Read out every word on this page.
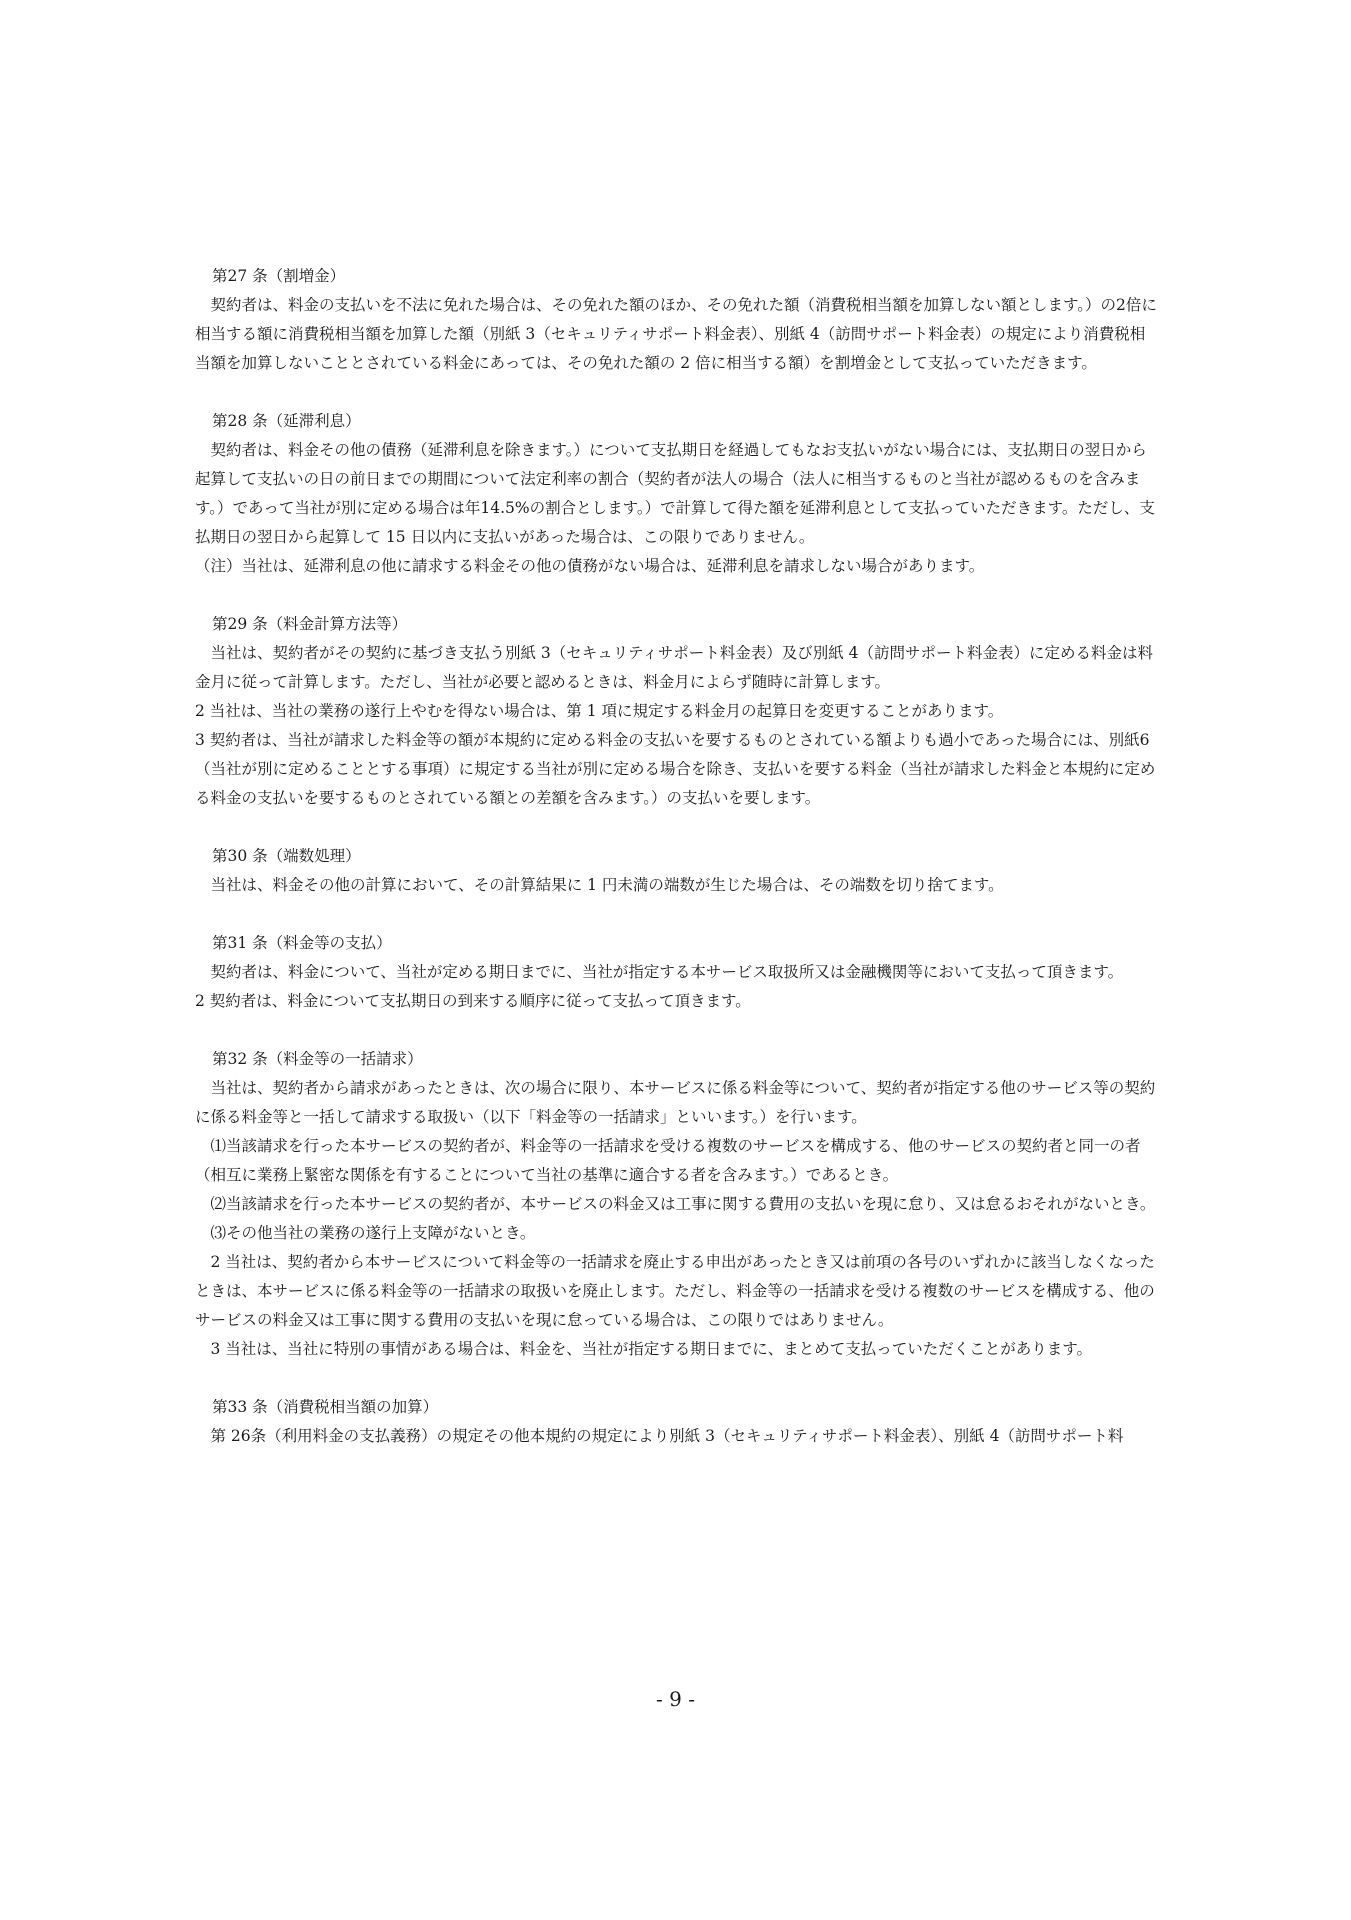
第27 条（割増金）
　契約者は、料金の支払いを不法に免れた場合は、その免れた額のほか、その免れた額（消費税相当額を加算しない額とします。）の2倍に相当する額に消費税相当額を加算した額（別紙 3（セキュリティサポート料金表）、別紙 4（訪問サポート料金表）の規定により消費税相当額を加算しないこととされている料金にあっては、その免れた額の 2 倍に相当する額）を割増金として支払っていただきます。
第28 条（延滞利息）
　契約者は、料金その他の債務（延滞利息を除きます。）について支払期日を経過してもなお支払いがない場合には、支払期日の翌日から起算して支払いの日の前日までの期間について法定利率の割合（契約者が法人の場合（法人に相当するものと当社が認めるものを含みます。）であって当社が別に定める場合は年14.5%の割合とします。）で計算して得た額を延滞利息として支払っていただきます。ただし、支払期日の翌日から起算して 15 日以内に支払いがあった場合は、この限りでありません。
（注）当社は、延滞利息の他に請求する料金その他の債務がない場合は、延滞利息を請求しない場合があります。
第29 条（料金計算方法等）
　当社は、契約者がその契約に基づき支払う別紙 3（セキュリティサポート料金表）及び別紙 4（訪問サポート料金表）に定める料金は料金月に従って計算します。ただし、当社が必要と認めるときは、料金月によらず随時に計算します。
2 当社は、当社の業務の遂行上やむを得ない場合は、第 1 項に規定する料金月の起算日を変更することがあります。
3 契約者は、当社が請求した料金等の額が本規約に定める料金の支払いを要するものとされている額よりも過小であった場合には、別紙6（当社が別に定めることとする事項）に規定する当社が別に定める場合を除き、支払いを要する料金（当社が請求した料金と本規約に定める料金の支払いを要するものとされている額との差額を含みます。）の支払いを要します。
第30 条（端数処理）
　当社は、料金その他の計算において、その計算結果に 1 円未満の端数が生じた場合は、その端数を切り捨てます。
第31 条（料金等の支払）
　契約者は、料金について、当社が定める期日までに、当社が指定する本サービス取扱所又は金融機関等において支払って頂きます。
2 契約者は、料金について支払期日の到来する順序に従って支払って頂きます。
第32 条（料金等の一括請求）
　当社は、契約者から請求があったときは、次の場合に限り、本サービスに係る料金等について、契約者が指定する他のサービス等の契約に係る料金等と一括して請求する取扱い（以下「料金等の一括請求」といいます。）を行います。
　⑴当該請求を行った本サービスの契約者が、料金等の一括請求を受ける複数のサービスを構成する、他のサービスの契約者と同一の者（相互に業務上緊密な関係を有することについて当社の基準に適合する者を含みます。）であるとき。
　⑵当該請求を行った本サービスの契約者が、本サービスの料金又は工事に関する費用の支払いを現に怠り、又は怠るおそれがないとき。
　⑶その他当社の業務の遂行上支障がないとき。
　2 当社は、契約者から本サービスについて料金等の一括請求を廃止する申出があったとき又は前項の各号のいずれかに該当しなくなったときは、本サービスに係る料金等の一括請求の取扱いを廃止します。ただし、料金等の一括請求を受ける複数のサービスを構成する、他のサービスの料金又は工事に関する費用の支払いを現に怠っている場合は、この限りではありません。
　3 当社は、当社に特別の事情がある場合は、料金を、当社が指定する期日までに、まとめて支払っていただくことがあります。
第33 条（消費税相当額の加算）
　第 26条（利用料金の支払義務）の規定その他本規約の規定により別紙 3（セキュリティサポート料金表）、別紙 4（訪問サポート料
- 9 -
